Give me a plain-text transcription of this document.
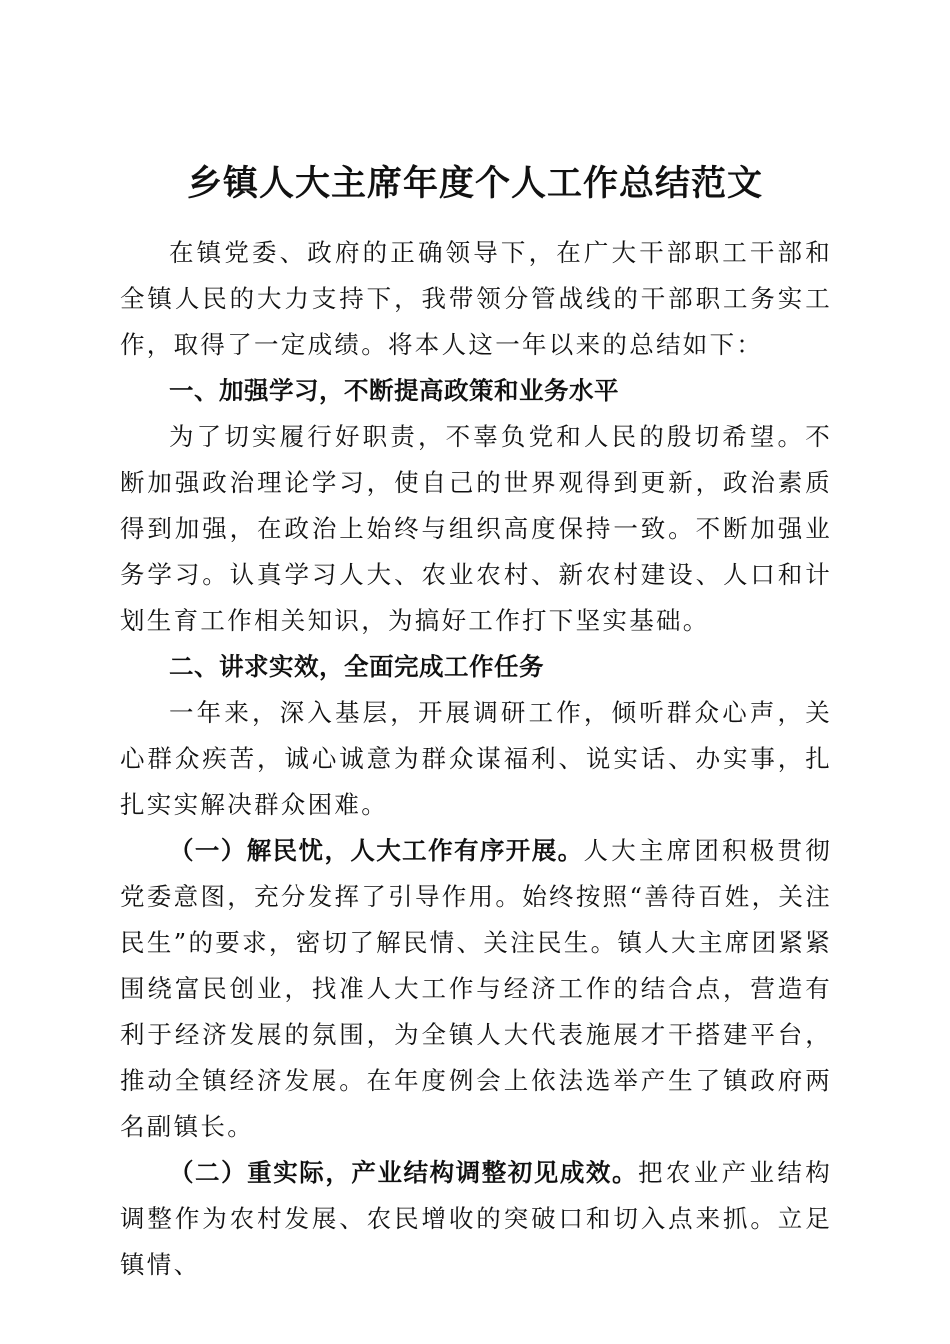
乡镇人大主席年度个人工作总结范文

在镇党委、政府的正确领导下，在广大干部职工干部和全镇人民的大力支持下，我带领分管战线的干部职工务实工作，取得了一定成绩。将本人这一年以来的总结如下：

一、加强学习，不断提高政策和业务水平

为了切实履行好职责，不辜负党和人民的殷切希望。不断加强政治理论学习，使自己的世界观得到更新，政治素质得到加强，在政治上始终与组织高度保持一致。不断加强业务学习。认真学习人大、农业农村、新农村建设、人口和计划生育工作相关知识，为搞好工作打下坚实基础。

二、讲求实效，全面完成工作任务

一年来，深入基层，开展调研工作，倾听群众心声，关心群众疾苦，诚心诚意为群众谋福利、说实话、办实事，扎扎实实解决群众困难。

（一）解民忧，人大工作有序开展。人大主席团积极贯彻党委意图，充分发挥了引导作用。始终按照“善待百姓，关注民生”的要求，密切了解民情、关注民生。镇人大主席团紧紧围绕富民创业，找准人大工作与经济工作的结合点，营造有利于经济发展的氛围，为全镇人大代表施展才干搭建平台，推动全镇经济发展。在年度例会上依法选举产生了镇政府两名副镇长。

（二）重实际，产业结构调整初见成效。把农业产业结构调整作为农村发展、农民增收的突破口和切入点来抓。立足镇情、
